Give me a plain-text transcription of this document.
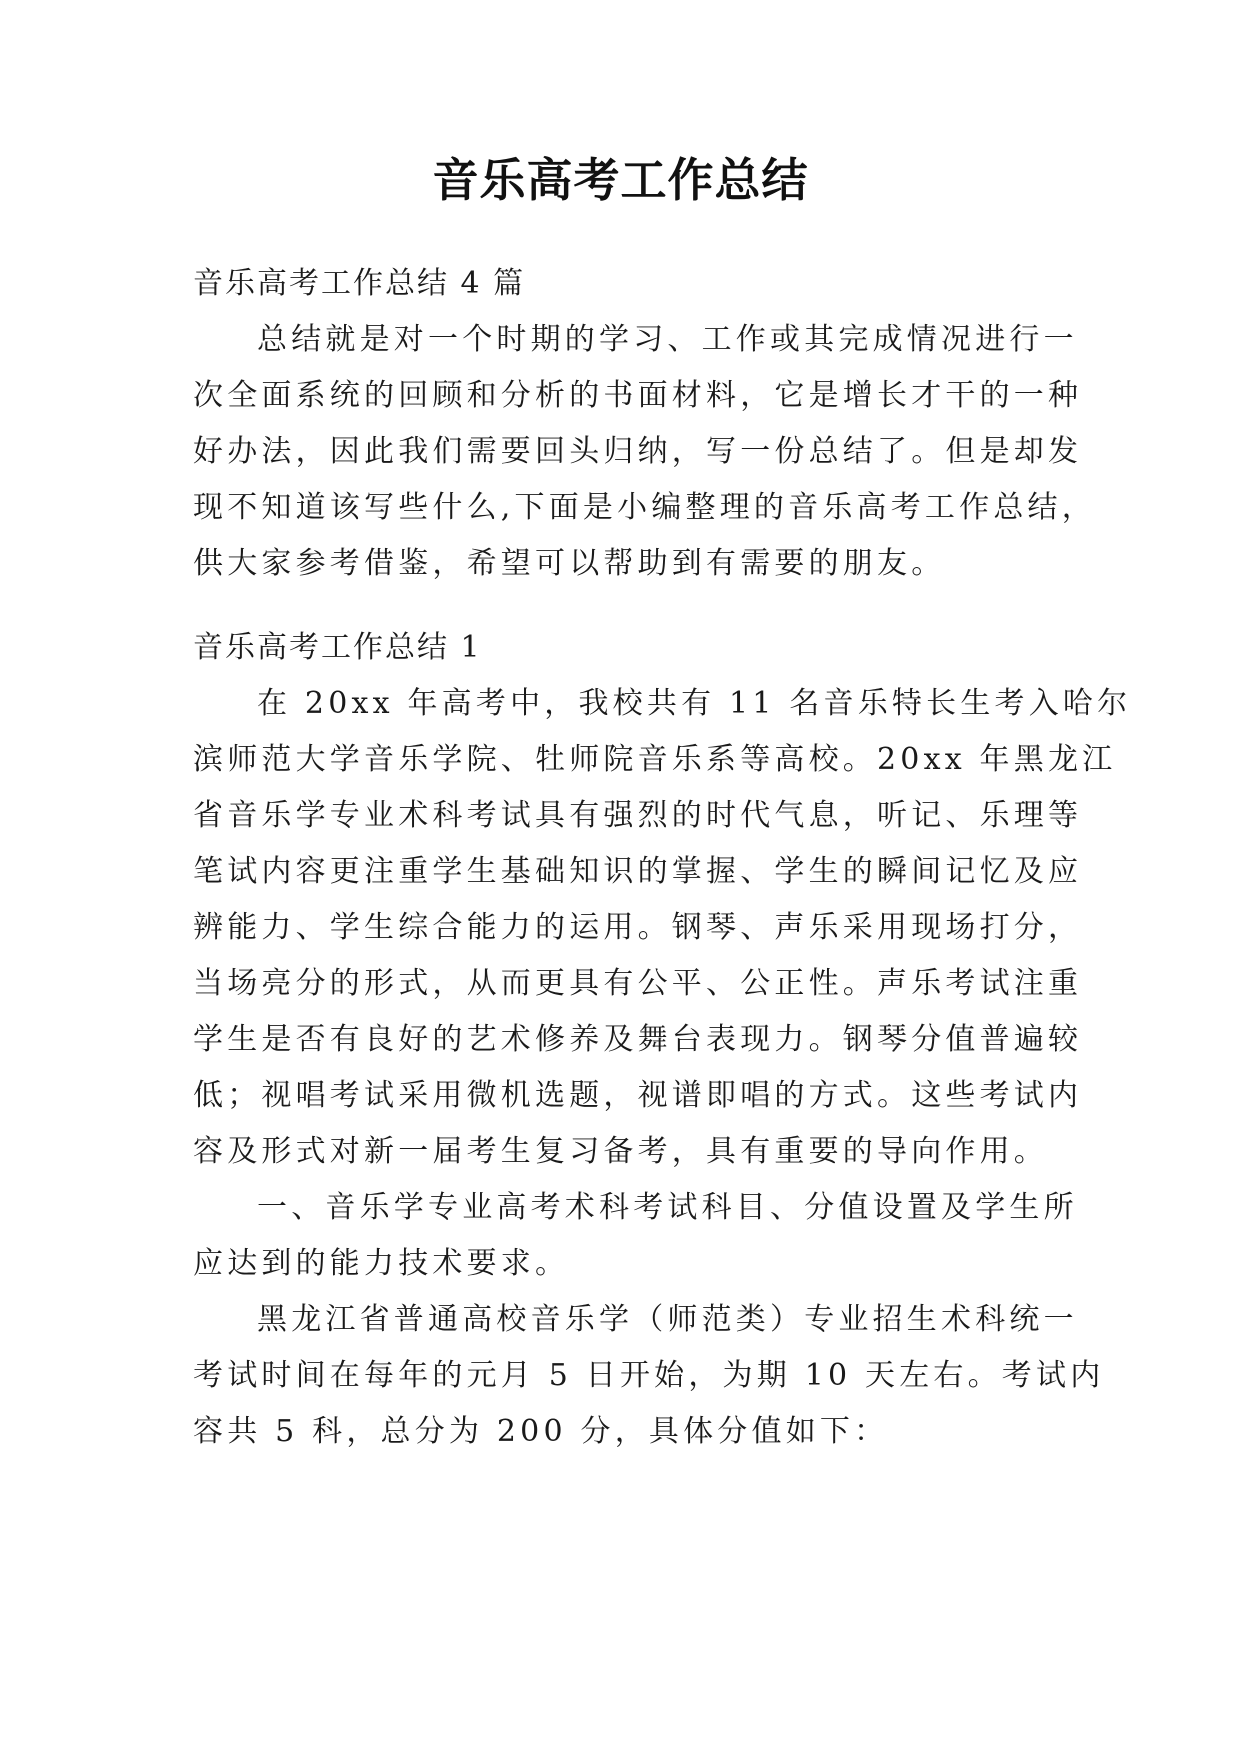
音乐高考工作总结
音乐高考工作总结 4 篇
总结就是对一个时期的学习、工作或其完成情况进行一
次全面系统的回顾和分析的书面材料，它是增长才干的一种
好办法，因此我们需要回头归纳，写一份总结了。但是却发
现不知道该写些什么,下面是小编整理的音乐高考工作总结，
供大家参考借鉴，希望可以帮助到有需要的朋友。
音乐高考工作总结 1
在 20xx 年高考中，我校共有 11 名音乐特长生考入哈尔
滨师范大学音乐学院、牡师院音乐系等高校。20xx 年黑龙江
省音乐学专业术科考试具有强烈的时代气息，听记、乐理等
笔试内容更注重学生基础知识的掌握、学生的瞬间记忆及应
辨能力、学生综合能力的运用。钢琴、声乐采用现场打分，
当场亮分的形式，从而更具有公平、公正性。声乐考试注重
学生是否有良好的艺术修养及舞台表现力。钢琴分值普遍较
低；视唱考试采用微机选题，视谱即唱的方式。这些考试内
容及形式对新一届考生复习备考，具有重要的导向作用。
一、音乐学专业高考术科考试科目、分值设置及学生所
应达到的能力技术要求。
黑龙江省普通高校音乐学（师范类）专业招生术科统一
考试时间在每年的元月 5 日开始，为期 10 天左右。考试内
容共 5 科，总分为 200 分，具体分值如下：
